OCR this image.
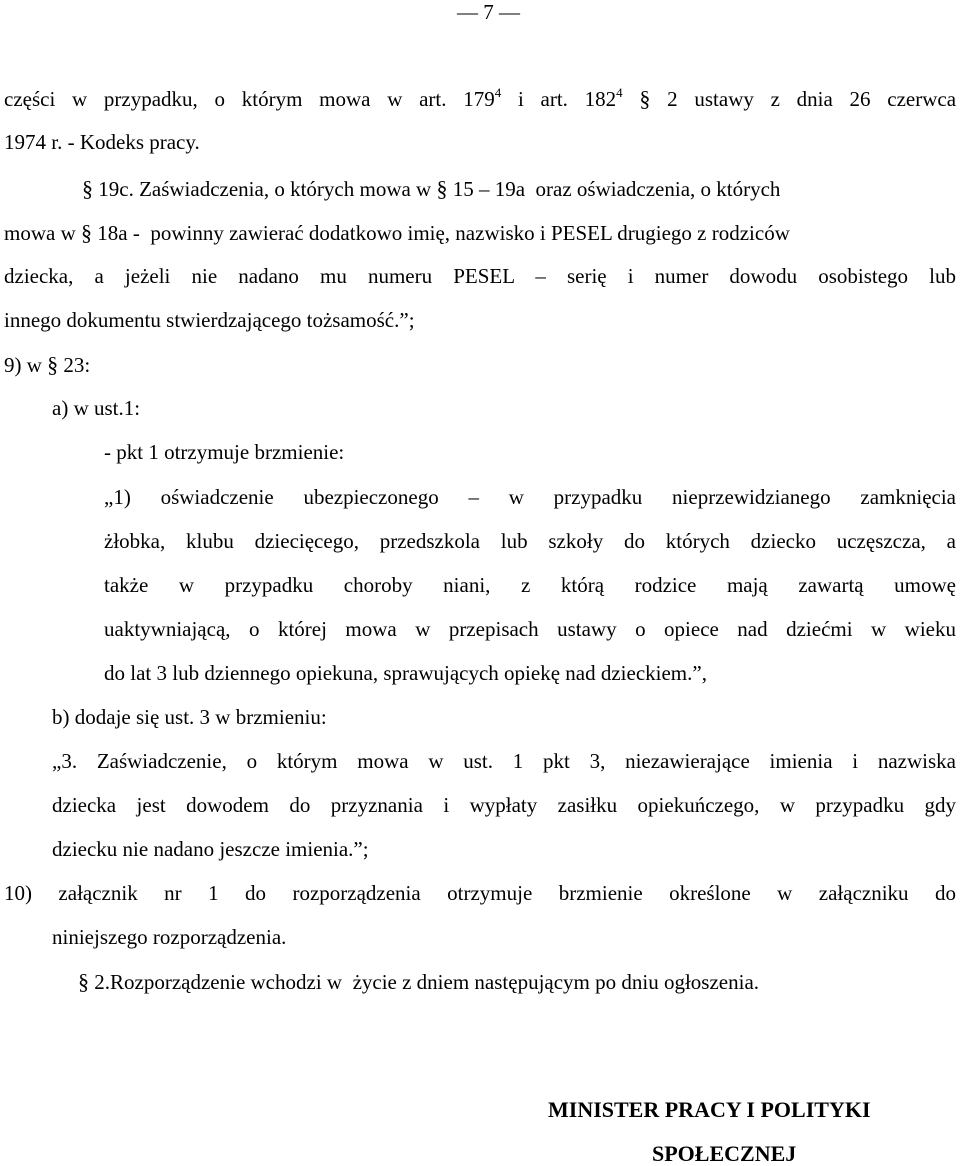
— 7 —
części w przypadku, o którym mowa w art. $179^4$ i art. $182^4$ § 2 ustawy z dnia 26 czerwca
1974 r. - Kodeks pracy.
§ 19c. Zaświadczenia, o których mowa w § 15 – 19a  oraz oświadczenia, o których
mowa w § 18a -  powinny zawierać dodatkowo imię, nazwisko i PESEL drugiego z rodziców
dziecka, a jeżeli nie nadano mu numeru PESEL – serię i numer dowodu osobistego lub
innego dokumentu stwierdzającego tożsamość.”;
9) w § 23:
a) w ust.1:
- pkt 1 otrzymuje brzmienie:
„1) oświadczenie ubezpieczonego – w przypadku nieprzewidzianego zamknięcia
żłobka, klubu dziecięcego, przedszkola lub szkoły do których dziecko uczęszcza, a
także w przypadku choroby niani, z którą rodzice mają zawartą umowę
uaktywniającą, o której mowa w przepisach ustawy o opiece nad dziećmi w wieku
do lat 3 lub dziennego opiekuna, sprawujących opiekę nad dzieckiem.”,
b) dodaje się ust. 3 w brzmieniu:
„3. Zaświadczenie, o którym mowa w ust. 1 pkt 3, niezawierające imienia i nazwiska
dziecka jest dowodem do przyznania i wypłaty zasiłku opiekuńczego, w przypadku gdy
dziecku nie nadano jeszcze imienia.”;
10) załącznik nr 1 do rozporządzenia otrzymuje brzmienie określone w załączniku do
niniejszego rozporządzenia.
§ 2.Rozporządzenie wchodzi w  życie z dniem następującym po dniu ogłoszenia.
MINISTER PRACY I POLITYKI
SPOŁECZNEJ
